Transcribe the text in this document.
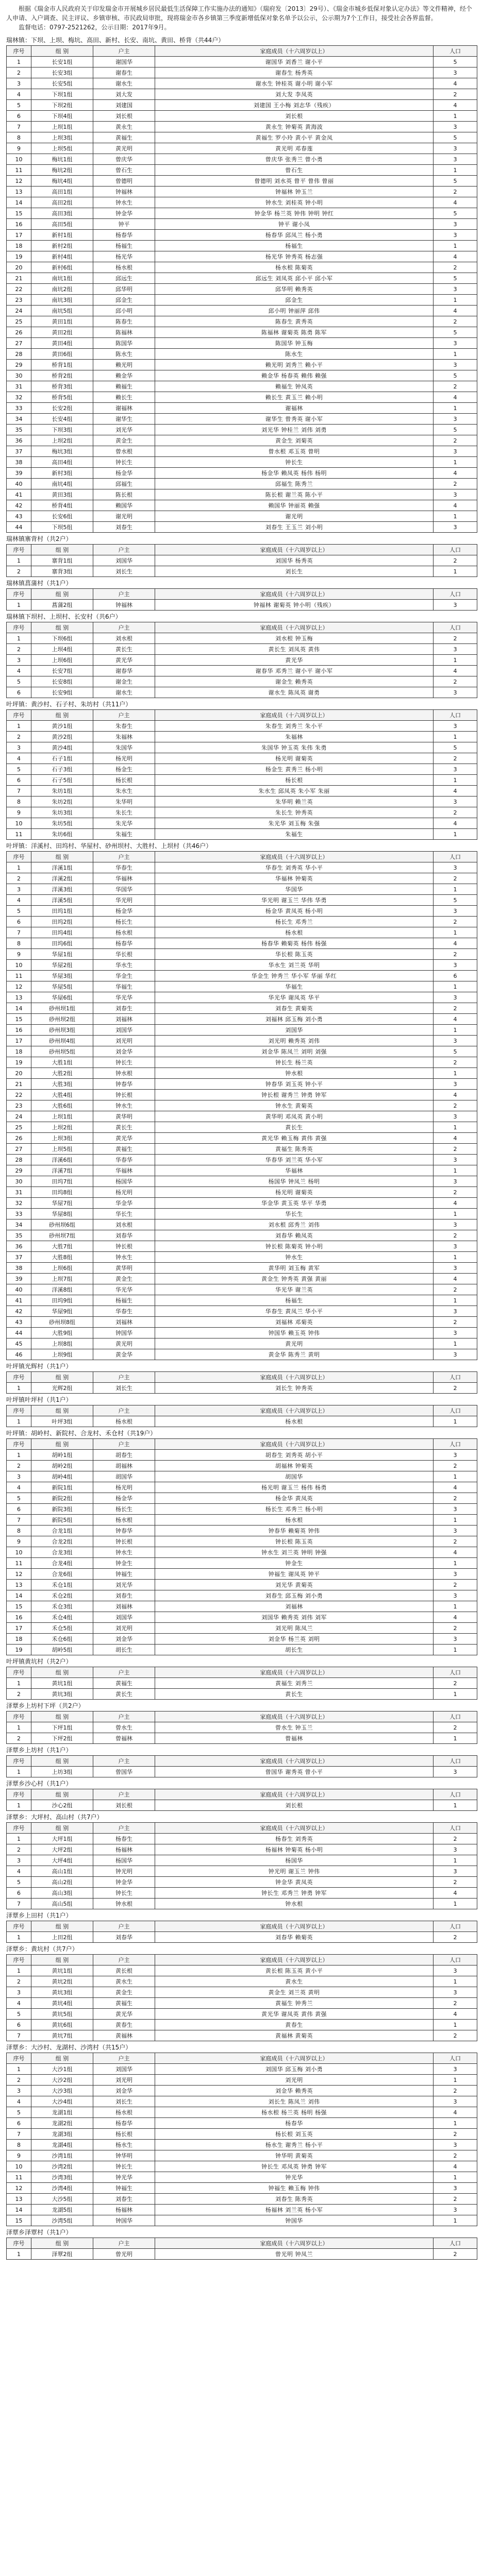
根据《瑞金市人民政府关于印发瑞金市开展城乡居民最低生活保障工作实施办法的通知》（瑞府发〔2013〕29号）、《瑞金市城乡低保对象认定办法》等文件精神，经个人申请、入户调查、民主评议、乡镇审核、市民政局审批，现将瑞金市各乡镇第三季度新增低保对象名单予以公示，公示期为7个工作日，接受社会各界监督。

监督电话：0797-2521262，公示日期：2017年9月。

瑞林镇：下坝、上坝、梅坑、高田、新村、长安、南坑、黄田、桥背（共44户）
序号	组 别	户主	家庭成员（十六周岁以上）	人口
1	长安1组	谢国华	谢国华 刘香兰 谢小平	5
2	长安3组	谢春生	谢春生 杨秀英	3
3	长安5组	谢水生	谢水生 钟桂英 谢小明 谢小军	4
4	下坝1组	刘大发	刘大发 李凤英	2
5	下坝2组	刘建国	刘建国 王小梅 刘志华（残疾）	4
6	下坝4组	刘长根	刘长根	1
7	上坝1组	黄永生	黄永生 钟菊英 黄海波	3
8	上坝3组	黄福生	黄福生 罗小玲 黄小平 黄金凤	5
9	上坝5组	黄光明	黄光明 邓春莲	3
10	梅坑1组	曾庆华	曾庆华 张秀兰 曾小勇	3
11	梅坑2组	曾石生	曾石生	1
12	梅坑4组	曾德明	曾德明 刘水英 曾平 曾伟 曾丽	5
13	高田1组	钟福林	钟福林 钟玉兰	2
14	高田2组	钟水生	钟水生 刘桂英 钟小明	4
15	高田3组	钟金华	钟金华 杨兰英 钟伟 钟明 钟红	5
16	高田5组	钟平	钟平 谢小凤	3
17	新村1组	杨春华	杨春华 邱凤兰 杨小勇	3
18	新村2组	杨福生	杨福生	1
19	新村4组	杨光华	杨光华 钟秀英 杨志强	4
20	新村6组	杨水根	杨水根 陈菊英	2
21	南坑1组	邱远生	邱远生 刘凤英 邱小平 邱小军	5
22	南坑2组	邱华明	邱华明 赖秀英	3
23	南坑3组	邱金生	邱金生	1
24	南坑5组	邱小明	邱小明 钟丽萍 邱伟	4
25	黄田1组	陈春生	陈春生 黄秀英	2
26	黄田2组	陈福林	陈福林 谢菊英 陈勇 陈军	5
27	黄田4组	陈国华	陈国华 钟玉梅	3
28	黄田6组	陈水生	陈水生	1
29	桥背1组	赖光明	赖光明 刘秀兰 赖小平	3
30	桥背2组	赖金华	赖金华 杨春英 赖伟 赖强	5
31	桥背3组	赖福生	赖福生 钟凤英	2
32	桥背5组	赖长生	赖长生 黄玉兰 赖小明	4
33	长安2组	谢福林	谢福林	1
34	长安4组	谢华生	谢华生 曾秀英 谢小军	3
35	下坝3组	刘光华	刘光华 钟桂兰 刘伟 刘勇	5
36	上坝2组	黄金生	黄金生 刘菊英	2
37	梅坑3组	曾水根	曾水根 邓玉英 曾明	3
38	高田4组	钟长生	钟长生	1
39	新村3组	杨金华	杨金华 赖凤英 杨伟 杨明	4
40	南坑4组	邱福生	邱福生 陈秀兰	2
41	黄田3组	陈长根	陈长根 谢兰英 陈小平	3
42	桥背4组	赖国华	赖国华 钟丽英 赖强	4
43	长安6组	谢光明	谢光明	1
44	下坝5组	刘春生	刘春生 王玉兰 刘小明	3
瑞林镇寨背村（共2户）
序号	组 别	户主	家庭成员（十六周岁以上）	人口
1	寨背1组	刘国华	刘国华 杨秀英	2
2	寨背3组	刘长生	刘长生	1
瑞林镇菖蒲村（共1户）
序号	组 别	户主	家庭成员（十六周岁以上）	人口
1	菖蒲2组	钟福林	钟福林 谢菊英 钟小明（残疾）	3
瑞林镇下坝村、上坝村、长安村（共6户）
序号	组 别	户主	家庭成员（十六周岁以上）	人口
1	下坝6组	刘水根	刘水根 钟玉梅	2
2	上坝4组	黄长生	黄长生 刘凤英 黄伟	3
3	上坝6组	黄光华	黄光华	1
4	长安7组	谢春华	谢春华 邓秀兰 谢小平 谢小军	4
5	长安8组	谢金生	谢金生 赖秀英	2
6	长安9组	谢水生	谢水生 陈凤英 谢勇	3
叶坪镇：黄沙村、石子村、朱坊村（共11户）
序号	组 别	户主	家庭成员（十六周岁以上）	人口
1	黄沙1组	朱春生	朱春生 刘秀兰 朱小平	3
2	黄沙2组	朱福林	朱福林	1
3	黄沙4组	朱国华	朱国华 钟玉英 朱伟 朱勇	5
4	石子1组	杨光明	杨光明 谢菊英	2
5	石子3组	杨金生	杨金生 黄秀兰 杨小明	3
6	石子5组	杨长根	杨长根	1
7	朱坊1组	朱水生	朱水生 邱凤英 朱小军 朱丽	4
8	朱坊2组	朱华明	朱华明 赖兰英	3
9	朱坊3组	朱长生	朱长生 钟秀英	2
10	朱坊5组	朱光华	朱光华 刘玉梅 朱强	4
11	朱坊6组	朱福生	朱福生	1
叶坪镇：洋溪村、田坞村、华屋村、砂州坝村、大胜村、上坝村（共46户）
序号	组 别	户主	家庭成员（十六周岁以上）	人口
1	洋溪1组	华春生	华春生 刘秀英 华小平	3
2	洋溪2组	华福林	华福林 钟菊英	2
3	洋溪3组	华国华	华国华	1
4	洋溪5组	华光明	华光明 谢玉兰 华伟 华勇	5
5	田坞1组	杨金华	杨金华 黄凤英 杨小明	3
6	田坞2组	杨长生	杨长生 邓秀兰	2
7	田坞4组	杨水根	杨水根	1
8	田坞6组	杨春华	杨春华 赖菊英 杨伟 杨强	4
9	华屋1组	华长根	华长根 陈玉英	2
10	华屋2组	华水生	华水生 刘兰英 华明	3
11	华屋3组	华金生	华金生 钟秀兰 华小军 华丽 华红	6
12	华屋5组	华福生	华福生	1
13	华屋6组	华光华	华光华 谢凤英 华平	3
14	砂州坝1组	刘春生	刘春生 黄菊英	2
15	砂州坝2组	刘福林	刘福林 邱玉梅 刘小勇	4
16	砂州坝3组	刘国华	刘国华	1
17	砂州坝4组	刘光明	刘光明 赖秀英 刘伟	3
18	砂州坝5组	刘金华	刘金华 陈凤兰 刘明 刘强	5
19	大胜1组	钟长生	钟长生 杨兰英	2
20	大胜2组	钟水根	钟水根	1
21	大胜3组	钟春华	钟春华 刘玉英 钟小平	3
22	大胜4组	钟长根	钟长根 谢秀兰 钟勇 钟军	4
23	大胜6组	钟水生	钟水生 黄菊英	2
24	上坝1组	黄华明	黄华明 邓凤英 黄小明	3
25	上坝2组	黄长生	黄长生	1
26	上坝3组	黄光华	黄光华 赖玉梅 黄伟 黄强	4
27	上坝5组	黄福生	黄福生 陈秀英	2
28	洋溪6组	华春华	华春华 刘兰英 华小军	3
29	洋溪7组	华福林	华福林	1
30	田坞7组	杨国华	杨国华 钟凤兰 杨明	3
31	田坞8组	杨光明	杨光明 谢菊英	2
32	华屋7组	华金华	华金华 黄玉英 华平 华勇	4
33	华屋8组	华长生	华长生	1
34	砂州坝6组	刘水根	刘水根 邱秀兰 刘伟	3
35	砂州坝7组	刘春华	刘春华 赖凤英	2
36	大胜7组	钟长根	钟长根 陈菊英 钟小明	3
37	大胜8组	钟水生	钟水生	1
38	上坝6组	黄华明	黄华明 刘玉梅 黄军	3
39	上坝7组	黄金生	黄金生 钟秀英 黄强 黄丽	4
40	洋溪8组	华光华	华光华 谢兰英	2
41	田坞9组	杨福生	杨福生	1
42	华屋9组	华春生	华春生 黄凤兰 华小平	3
43	砂州坝8组	刘福林	刘福林 邓菊英	2
44	大胜9组	钟国华	钟国华 赖玉英 钟伟	3
45	上坝8组	黄光明	黄光明	1
46	上坝9组	黄金华	黄金华 陈秀兰 黄明	3
叶坪镇光辉村（共1户）
序号	组 别	户主	家庭成员（十六周岁以上）	人口
1	光辉2组	刘长生	刘长生 钟秀英	2
叶坪镇叶坪村（共1户）
序号	组 别	户主	家庭成员（十六周岁以上）	人口
1	叶坪3组	杨水根	杨水根	1
叶坪镇：胡岭村、新院村、合龙村、禾仓村（共19户）
序号	组 别	户主	家庭成员（十六周岁以上）	人口
1	胡岭1组	胡春生	胡春生 刘秀英 胡小平	3
2	胡岭2组	胡福林	胡福林 钟菊英	2
3	胡岭4组	胡国华	胡国华	1
4	新院1组	杨光明	杨光明 谢玉兰 杨伟 杨勇	4
5	新院2组	杨金华	杨金华 黄凤英	2
6	新院3组	杨长生	杨长生 邓秀兰 杨小明	3
7	新院5组	杨水根	杨水根	1
8	合龙1组	钟春华	钟春华 赖菊英 钟伟	3
9	合龙2组	钟长根	钟长根 陈玉英	2
10	合龙3组	钟水生	钟水生 刘兰英 钟明 钟强	4
11	合龙4组	钟金生	钟金生	1
12	合龙6组	钟福生	钟福生 谢凤英 钟平	3
13	禾仓1组	刘光华	刘光华 黄菊英	2
14	禾仓2组	刘春生	刘春生 邱玉梅 刘小勇	3
15	禾仓3组	刘福林	刘福林	1
16	禾仓4组	刘国华	刘国华 赖秀英 刘伟 刘军	4
17	禾仓5组	刘光明	刘光明 陈凤兰	2
18	禾仓6组	刘金华	刘金华 杨兰英 刘明	3
19	胡岭5组	胡长生	胡长生	1
叶坪镇黄坑村（共2户）
序号	组 别	户主	家庭成员（十六周岁以上）	人口
1	黄坑1组	黄福生	黄福生 刘秀兰	2
2	黄坑3组	黄长生	黄长生	1
泽覃乡上坊村下坪（共2户）
序号	组 别	户主	家庭成员（十六周岁以上）	人口
1	下坪1组	曾水生	曾水生 钟玉兰	2
2	下坪2组	曾福林	曾福林	1
泽覃乡上坊村（共1户）
序号	组 别	户主	家庭成员（十六周岁以上）	人口
1	上坊3组	曾国华	曾国华 谢秀英 曾小平	3
泽覃乡沙心村（共1户）
序号	组 别	户主	家庭成员（十六周岁以上）	人口
1	沙心2组	刘长根	刘长根	1
泽覃乡：大坪村、高山村（共7户）
序号	组 别	户主	家庭成员（十六周岁以上）	人口
1	大坪1组	杨春生	杨春生 刘秀英	2
2	大坪2组	杨福林	杨福林 钟菊英 杨小明	3
3	大坪4组	杨国华	杨国华	1
4	高山1组	钟光明	钟光明 谢玉兰 钟伟	3
5	高山2组	钟金华	钟金华 黄凤英	2
6	高山3组	钟长生	钟长生 邓秀兰 钟勇 钟军	4
7	高山5组	钟水根	钟水根	1
泽覃乡上田村（共1户）
序号	组 别	户主	家庭成员（十六周岁以上）	人口
1	上田2组	刘春华	刘春华 赖菊英	2
泽覃乡：黄坑村（共7户）
序号	组 别	户主	家庭成员（十六周岁以上）	人口
1	黄坑1组	黄长根	黄长根 陈玉英 黄小平	3
2	黄坑2组	黄水生	黄水生	1
3	黄坑3组	黄金生	黄金生 刘兰英 黄明	3
4	黄坑4组	黄福生	黄福生 钟秀兰	2
5	黄坑5组	黄光华	黄光华 谢凤英 黄伟 黄强	4
6	黄坑6组	黄春生	黄春生	1
7	黄坑7组	黄福林	黄福林 黄菊英	2
泽覃乡：大沙村、龙湖村、沙湾村（共15户）
序号	组 别	户主	家庭成员（十六周岁以上）	人口
1	大沙1组	刘国华	刘国华 邱玉梅 刘小勇	3
2	大沙2组	刘光明	刘光明	1
3	大沙3组	刘金华	刘金华 赖秀英	2
4	大沙4组	刘长生	刘长生 陈凤兰 刘伟	3
5	龙湖1组	杨水根	杨水根 杨兰英 杨明 杨强	4
6	龙湖2组	杨春华	杨春华	1
7	龙湖3组	杨长根	杨长根 刘玉英	2
8	龙湖4组	杨水生	杨水生 谢秀兰 杨小平	3
9	沙湾1组	钟华明	钟华明 黄菊英	2
10	沙湾2组	钟长生	钟长生 邓凤英 钟勇 钟军	4
11	沙湾3组	钟光华	钟光华	1
12	沙湾4组	钟福生	钟福生 赖玉梅 钟伟	3
13	大沙5组	刘春生	刘春生 陈秀英	2
14	龙湖5组	杨福林	杨福林 刘兰英 杨小军	3
15	沙湾5组	钟国华	钟国华	1
泽覃乡泽覃村（共1户）
序号	组 别	户主	家庭成员（十六周岁以上）	人口
1	泽覃2组	曾光明	曾光明 钟凤兰	2
